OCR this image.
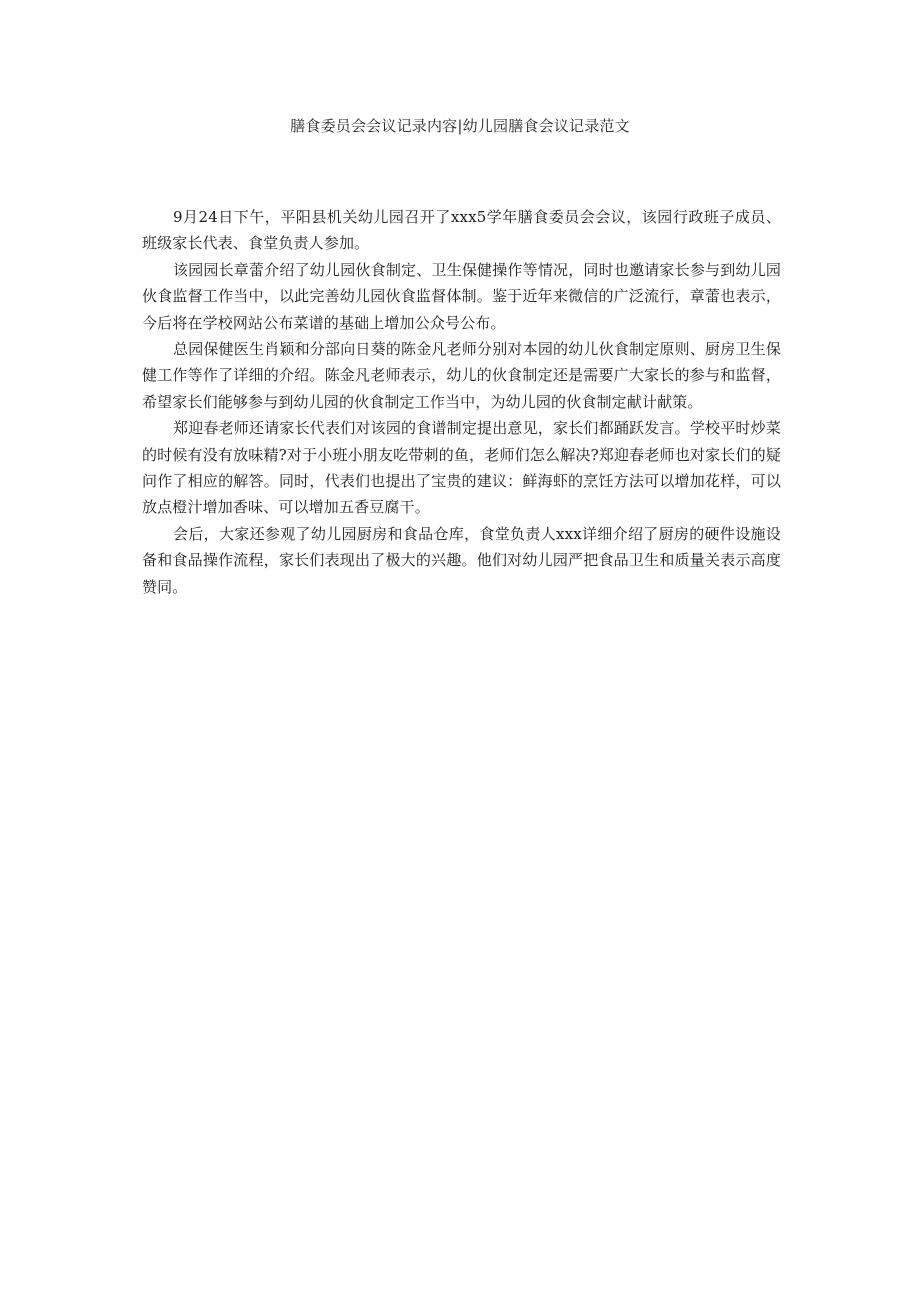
膳食委员会会议记录内容|幼儿园膳食会议记录范文

9月24日下午，平阳县机关幼儿园召开了xxx5学年膳食委员会会议，该园行政班子成员、班级家长代表、食堂负责人参加。

该园园长章蕾介绍了幼儿园伙食制定、卫生保健操作等情况，同时也邀请家长参与到幼儿园伙食监督工作当中，以此完善幼儿园伙食监督体制。鉴于近年来微信的广泛流行，章蕾也表示，今后将在学校网站公布菜谱的基础上增加公众号公布。

总园保健医生肖颖和分部向日葵的陈金凡老师分别对本园的幼儿伙食制定原则、厨房卫生保健工作等作了详细的介绍。陈金凡老师表示，幼儿的伙食制定还是需要广大家长的参与和监督，希望家长们能够参与到幼儿园的伙食制定工作当中，为幼儿园的伙食制定献计献策。

郑迎春老师还请家长代表们对该园的食谱制定提出意见，家长们都踊跃发言。学校平时炒菜的时候有没有放味精?对于小班小朋友吃带刺的鱼，老师们怎么解决?郑迎春老师也对家长们的疑问作了相应的解答。同时，代表们也提出了宝贵的建议：鲜海虾的烹饪方法可以增加花样，可以放点橙汁增加香味、可以增加五香豆腐干。

会后，大家还参观了幼儿园厨房和食品仓库，食堂负责人xxx详细介绍了厨房的硬件设施设备和食品操作流程，家长们表现出了极大的兴趣。他们对幼儿园严把食品卫生和质量关表示高度赞同。
